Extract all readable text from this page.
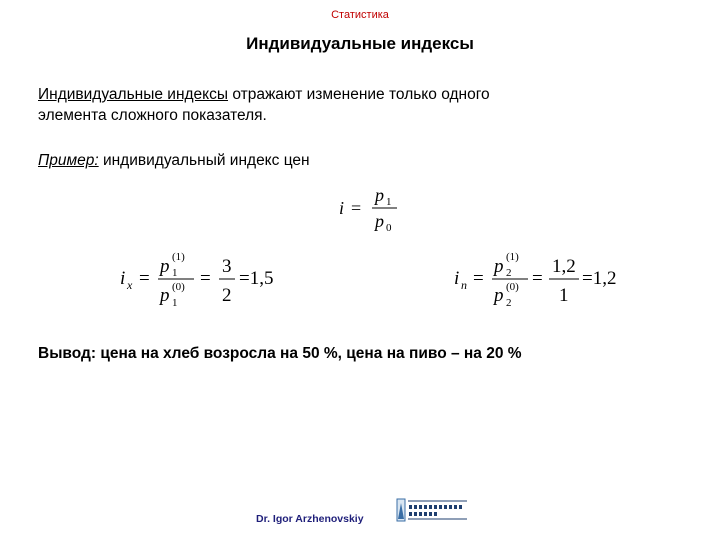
Статистика
Индивидуальные индексы
Индивидуальные индексы отражают изменение только одного
элемента сложного показателя.
Пример: индивидуальный индекс цен
i =
p 1
p 0
i x =
p (1)
1
p (0)
1
=
3
2
=1,5	i n =
p (1)
2
p (0)
2
=
1,2
1
=1,2
Вывод: цена на хлеб возросла на 50 %, цена на пиво – на 20 %
Dr. Igor Arzhenovskiy
